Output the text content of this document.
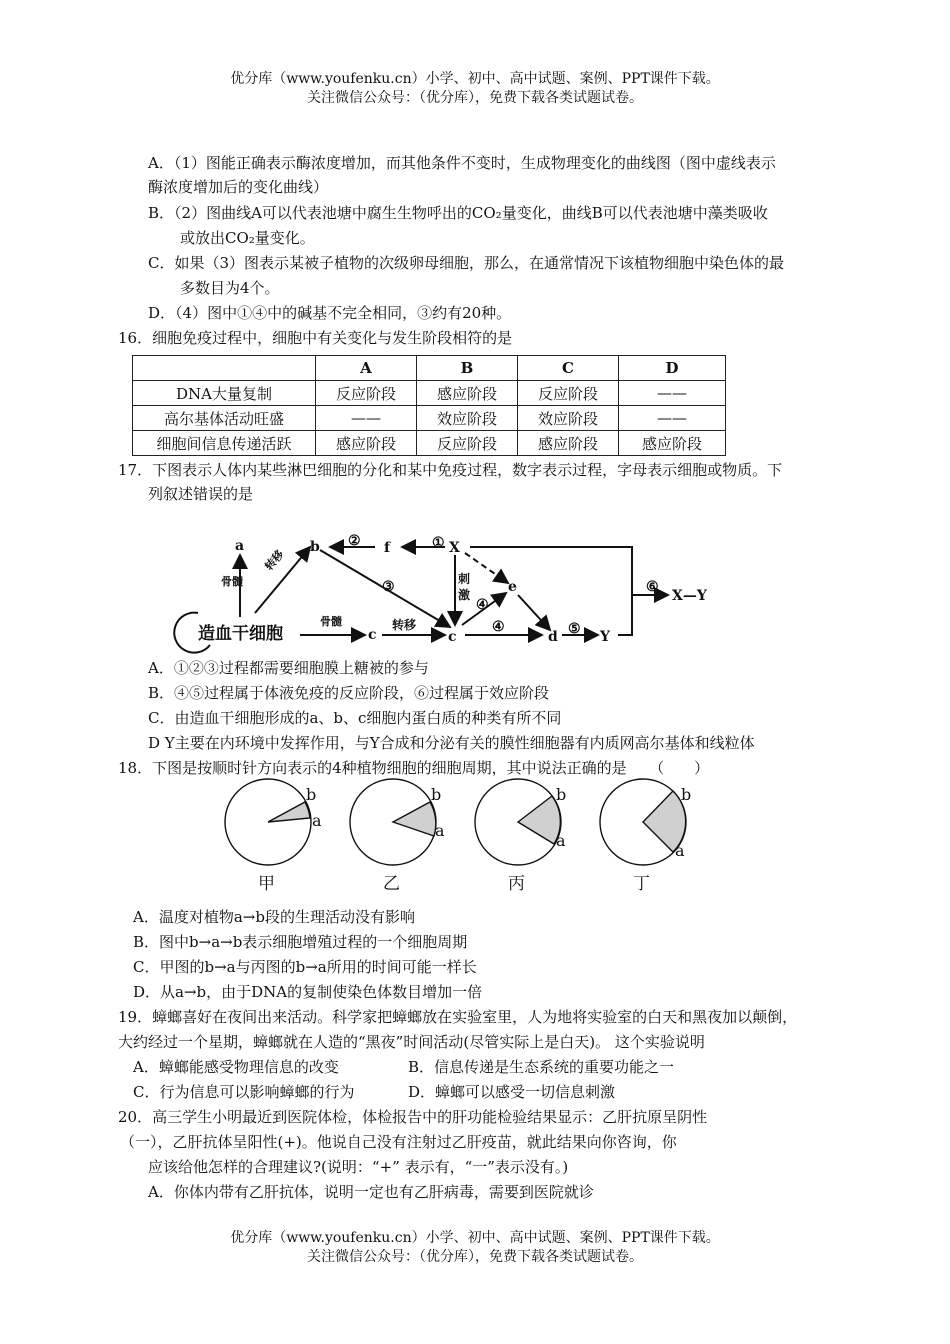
优分库（www.youfenku.cn）小学、初中、高中试题、案例、PPT课件下载。
关注微信公众号：（优分库），免费下载各类试题试卷。
A．（1）图能正确表示酶浓度增加，而其他条件不变时，生成物理变化的曲线图（图中虚线表示
酶浓度增加后的变化曲线）
B．（2）图曲线A可以代表池塘中腐生生物呼出的CO₂量变化，曲线B可以代表池塘中藻类吸收
或放出CO₂量变化。
C．如果（3）图表示某被子植物的次级卵母细胞，那么，在通常情况下该植物细胞中染色体的最
多数目为4个。
D．（4）图中①④中的碱基不完全相同，③约有20种。
16．细胞免疫过程中，细胞中有关变化与发生阶段相符的是
	A	B	C	D
DNA大量复制	反应阶段	感应阶段	反应阶段	——
高尔基体活动旺盛	——	效应阶段	效应阶段	——
细胞间信息传递活跃	感应阶段	反应阶段	感应阶段	感应阶段
17．下图表示人体内某些淋巴细胞的分化和某中免疫过程，数字表示过程，字母表示细胞或物质。下
列叙述错误的是
造血干细胞
a	b
c	c	d
e
f	X
Y
X—Y
骨髓
骨髓	转移
转移
刺
激
①
②
③
④
④	⑤
⑥
A．①②③过程都需要细胞膜上糖被的参与
B．④⑤过程属于体液免疫的反应阶段，⑥过程属于效应阶段
C．由造血干细胞形成的a、b、c细胞内蛋白质的种类有所不同
D Y主要在内环境中发挥作用，与Y合成和分泌有关的膜性细胞器有内质网高尔基体和线粒体
18．下图是按顺时针方向表示的4种植物细胞的细胞周期，其中说法正确的是　　（　　）
b
a
甲
b
a
乙
b
a
丙
b
a
丁
A．温度对植物a→b段的生理活动没有影响
B．图中b→a→b表示细胞增殖过程的一个细胞周期
C．甲图的b→a与丙图的b→a所用的时间可能一样长
D．从a→b，由于DNA的复制使染色体数目增加一倍
19．蟑螂喜好在夜间出来活动。科学家把蟑螂放在实验室里，人为地将实验室的白天和黑夜加以颠倒，
大约经过一个星期，蟑螂就在人造的“黑夜”时间活动(尽管实际上是白天)。 这个实验说明
A．蟑螂能感受物理信息的改变	B．信息传递是生态系统的重要功能之一
C．行为信息可以影响蟑螂的行为	D．蟑螂可以感受一切信息刺激
20．高三学生小明最近到医院体检，体检报告中的肝功能检验结果显示：乙肝抗原呈阴性
（一），乙肝抗体呈阳性(+)。他说自己没有注射过乙肝疫苗，就此结果向你咨询，你
应该给他怎样的合理建议?(说明：“+” 表示有，“一”表示没有。)
A．你体内带有乙肝抗体，说明一定也有乙肝病毒，需要到医院就诊
优分库（www.youfenku.cn）小学、初中、高中试题、案例、PPT课件下载。
关注微信公众号：（优分库），免费下载各类试题试卷。
